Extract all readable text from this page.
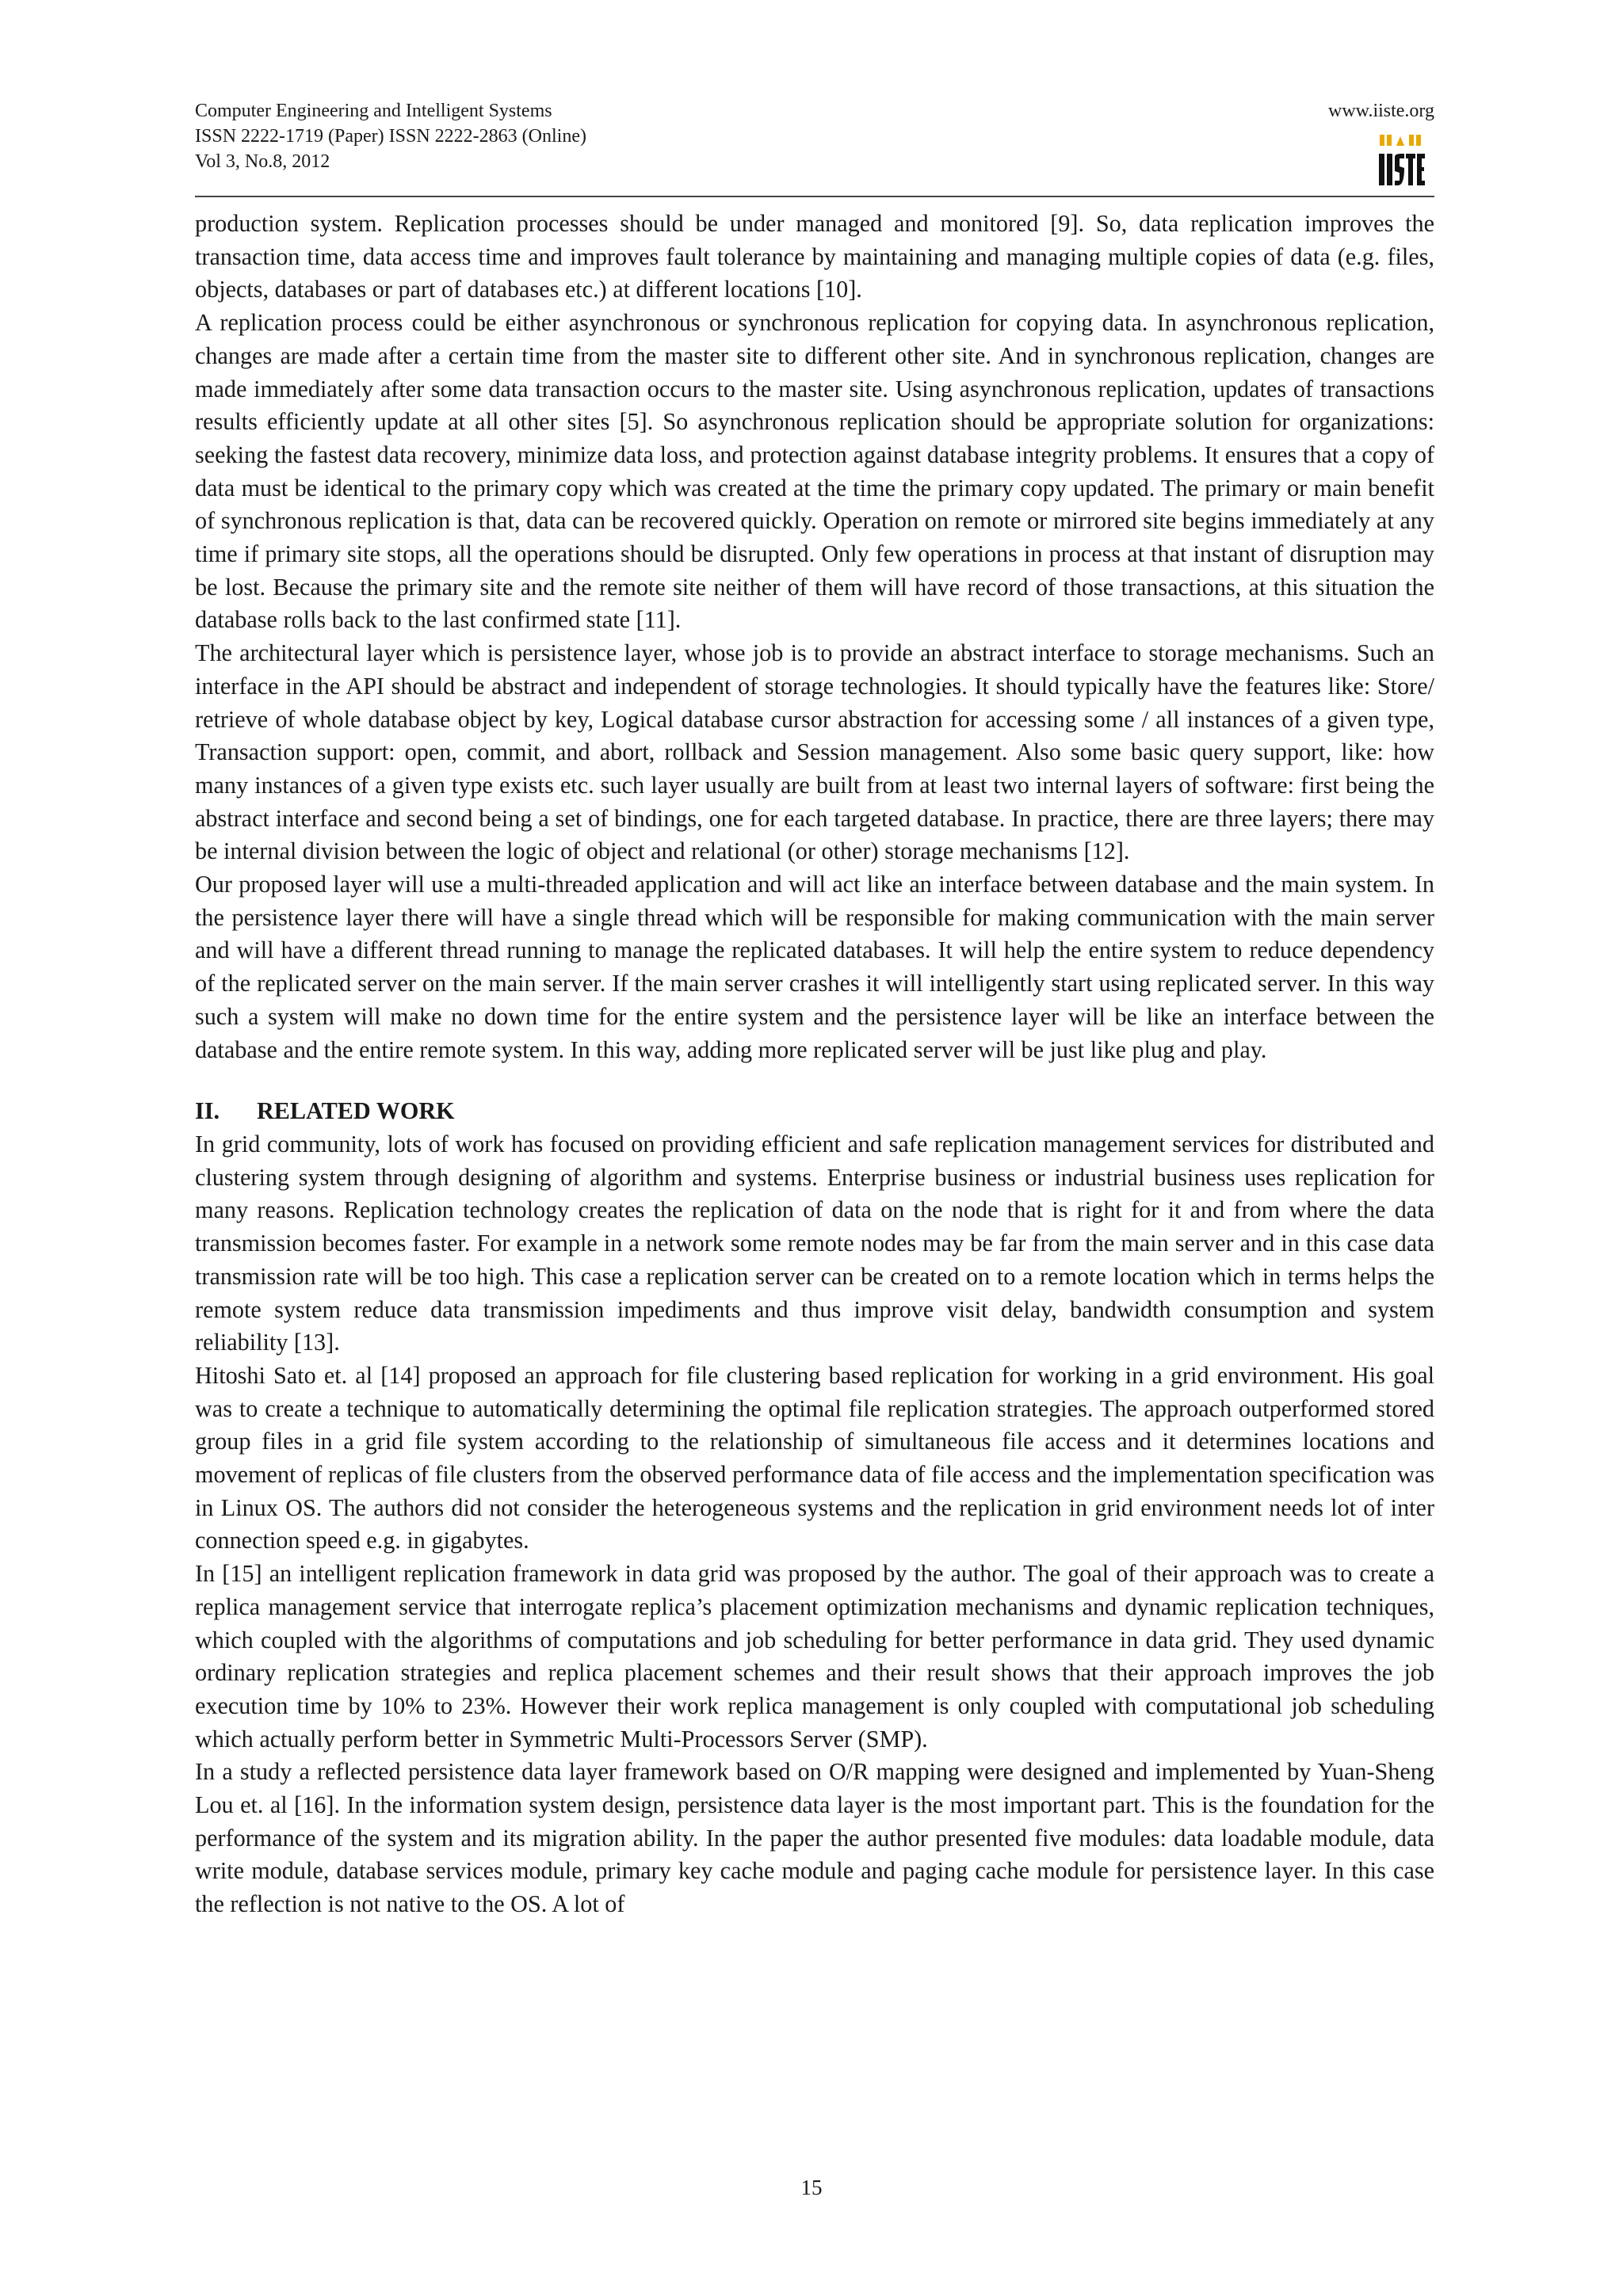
Computer Engineering and Intelligent Systems
ISSN 2222-1719 (Paper) ISSN 2222-2863 (Online)
Vol 3, No.8, 2012
www.iiste.org

production system. Replication processes should be under managed and monitored [9]. So, data replication improves the transaction time, data access time and improves fault tolerance by maintaining and managing multiple copies of data (e.g. files, objects, databases or part of databases etc.) at different locations [10].

A replication process could be either asynchronous or synchronous replication for copying data. In asynchronous replication, changes are made after a certain time from the master site to different other site. And in synchronous replication, changes are made immediately after some data transaction occurs to the master site. Using asynchronous replication, updates of transactions results efficiently update at all other sites [5]. So asynchronous replication should be appropriate solution for organizations: seeking the fastest data recovery, minimize data loss, and protection against database integrity problems. It ensures that a copy of data must be identical to the primary copy which was created at the time the primary copy updated. The primary or main benefit of synchronous replication is that, data can be recovered quickly. Operation on remote or mirrored site begins immediately at any time if primary site stops, all the operations should be disrupted. Only few operations in process at that instant of disruption may be lost. Because the primary site and the remote site neither of them will have record of those transactions, at this situation the database rolls back to the last confirmed state [11].

The architectural layer which is persistence layer, whose job is to provide an abstract interface to storage mechanisms. Such an interface in the API should be abstract and independent of storage technologies. It should typically have the features like: Store/ retrieve of whole database object by key, Logical database cursor abstraction for accessing some / all instances of a given type, Transaction support: open, commit, and abort, rollback and Session management. Also some basic query support, like: how many instances of a given type exists etc. such layer usually are built from at least two internal layers of software: first being the abstract interface and second being a set of bindings, one for each targeted database. In practice, there are three layers; there may be internal division between the logic of object and relational (or other) storage mechanisms [12].

Our proposed layer will use a multi-threaded application and will act like an interface between database and the main system. In the persistence layer there will have a single thread which will be responsible for making communication with the main server and will have a different thread running to manage the replicated databases. It will help the entire system to reduce dependency of the replicated server on the main server. If the main server crashes it will intelligently start using replicated server. In this way such a system will make no down time for the entire system and the persistence layer will be like an interface between the database and the entire remote system. In this way, adding more replicated server will be just like plug and play.

II. RELATED WORK

In grid community, lots of work has focused on providing efficient and safe replication management services for distributed and clustering system through designing of algorithm and systems. Enterprise business or industrial business uses replication for many reasons. Replication technology creates the replication of data on the node that is right for it and from where the data transmission becomes faster. For example in a network some remote nodes may be far from the main server and in this case data transmission rate will be too high. This case a replication server can be created on to a remote location which in terms helps the remote system reduce data transmission impediments and thus improve visit delay, bandwidth consumption and system reliability [13].

Hitoshi Sato et. al [14] proposed an approach for file clustering based replication for working in a grid environment. His goal was to create a technique to automatically determining the optimal file replication strategies. The approach outperformed stored group files in a grid file system according to the relationship of simultaneous file access and it determines locations and movement of replicas of file clusters from the observed performance data of file access and the implementation specification was in Linux OS. The authors did not consider the heterogeneous systems and the replication in grid environment needs lot of inter connection speed e.g. in gigabytes.

In [15] an intelligent replication framework in data grid was proposed by the author. The goal of their approach was to create a replica management service that interrogate replica’s placement optimization mechanisms and dynamic replication techniques, which coupled with the algorithms of computations and job scheduling for better performance in data grid. They used dynamic ordinary replication strategies and replica placement schemes and their result shows that their approach improves the job execution time by 10% to 23%. However their work replica management is only coupled with computational job scheduling which actually perform better in Symmetric Multi-Processors Server (SMP).

In a study a reflected persistence data layer framework based on O/R mapping were designed and implemented by Yuan-Sheng Lou et. al [16]. In the information system design, persistence data layer is the most important part. This is the foundation for the performance of the system and its migration ability. In the paper the author presented five modules: data loadable module, data write module, database services module, primary key cache module and paging cache module for persistence layer. In this case the reflection is not native to the OS. A lot of

15
